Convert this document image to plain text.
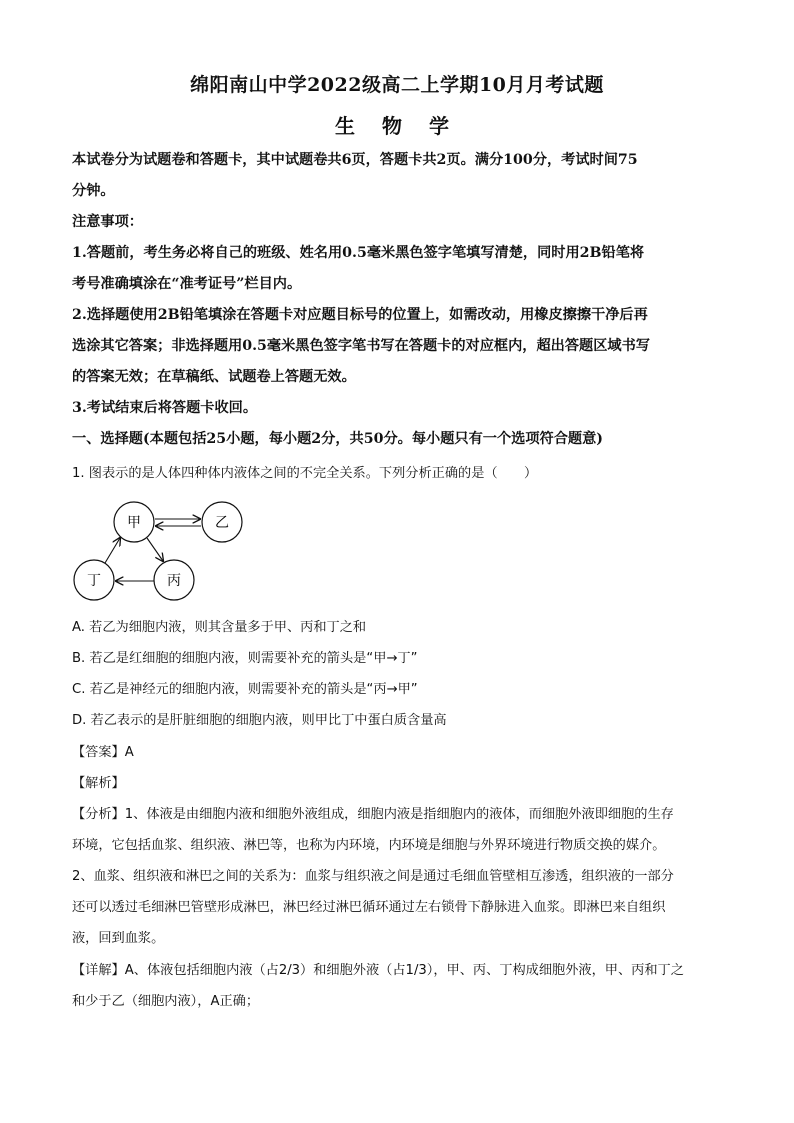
绵阳南山中学2022级高二上学期10月月考试题
生 物 学
本试卷分为试题卷和答题卡，其中试题卷共6页，答题卡共2页。满分100分，考试时间75
分钟。
注意事项：
1.答题前，考生务必将自己的班级、姓名用0.5毫米黑色签字笔填写清楚，同时用2B铅笔将
考号准确填涂在“准考证号”栏目内。
2.选择题使用2B铅笔填涂在答题卡对应题目标号的位置上，如需改动，用橡皮擦擦干净后再
选涂其它答案；非选择题用0.5毫米黑色签字笔书写在答题卡的对应框内，超出答题区域书写
的答案无效；在草稿纸、试题卷上答题无效。
3.考试结束后将答题卡收回。
一、选择题(本题包括25小题，每小题2分，共50分。每小题只有一个选项符合题意)
1. 图表示的是人体四种体内液体之间的不完全关系。下列分析正确的是（　　）
甲	乙
丁	丙
A. 若乙为细胞内液，则其含量多于甲、丙和丁之和
B. 若乙是红细胞的细胞内液，则需要补充的箭头是“甲→丁”
C. 若乙是神经元的细胞内液，则需要补充的箭头是“丙→甲”
D. 若乙表示的是肝脏细胞的细胞内液，则甲比丁中蛋白质含量高
【答案】A
【解析】
【分析】1、体液是由细胞内液和细胞外液组成，细胞内液是指细胞内的液体，而细胞外液即细胞的生存
环境，它包括血浆、组织液、淋巴等，也称为内环境，内环境是细胞与外界环境进行物质交换的媒介。
2、血浆、组织液和淋巴之间的关系为：血浆与组织液之间是通过毛细血管壁相互渗透，组织液的一部分
还可以透过毛细淋巴管壁形成淋巴，淋巴经过淋巴循环通过左右锁骨下静脉进入血浆。即淋巴来自组织
液，回到血浆。
【详解】A、体液包括细胞内液（占2/3）和细胞外液（占1/3），甲、丙、丁构成细胞外液，甲、丙和丁之
和少于乙（细胞内液），A正确；
